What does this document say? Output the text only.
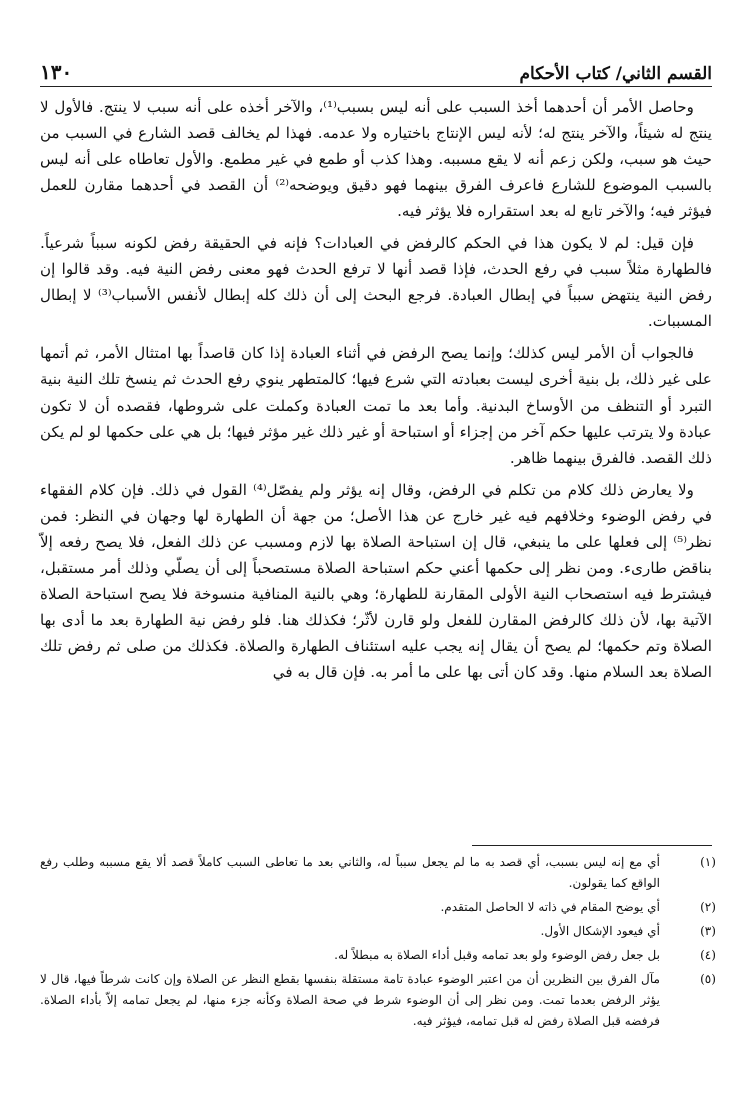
القسم الثاني/ كتاب الأحكام
١٣٠

وحاصل الأمر أن أحدهما أخذ السبب على أنه ليس بسبب⁽¹⁾، والآخر أخذه على أنه سبب لا ينتج. فالأول لا ينتج له شيئاً، والآخر ينتج له؛ لأنه ليس الإنتاج باختياره ولا عدمه. فهذا لم يخالف قصد الشارع في السبب من حيث هو سبب، ولكن زعم أنه لا يقع مسببه. وهذا كذب أو طمع في غير مطمع. والأول تعاطاه على أنه ليس بالسبب الموضوع للشارع فاعرف الفرق بينهما فهو دقيق ويوضحه⁽²⁾ أن القصد في أحدهما مقارن للعمل فيؤثر فيه؛ والآخر تابع له بعد استقراره فلا يؤثر فيه.

فإن قيل: لم لا يكون هذا في الحكم كالرفض في العبادات؟ فإنه في الحقيقة رفض لكونه سبباً شرعياً. فالطهارة مثلاً سبب في رفع الحدث، فإذا قصد أنها لا ترفع الحدث فهو معنى رفض النية فيه. وقد قالوا إن رفض النية ينتهض سبباً في إبطال العبادة. فرجع البحث إلى أن ذلك كله إبطال لأنفس الأسباب⁽³⁾ لا إبطال المسببات.

فالجواب أن الأمر ليس كذلك؛ وإنما يصح الرفض في أثناء العبادة إذا كان قاصداً بها امتثال الأمر، ثم أتمها على غير ذلك، بل بنية أخرى ليست بعبادته التي شرع فيها؛ كالمتطهر ينوي رفع الحدث ثم ينسخ تلك النية بنية التبرد أو التنظف من الأوساخ البدنية. وأما بعد ما تمت العبادة وكملت على شروطها، فقصده أن لا تكون عبادة ولا يترتب عليها حكم آخر من إجزاء أو استباحة أو غير ذلك غير مؤثر فيها؛ بل هي على حكمها لو لم يكن ذلك القصد. فالفرق بينهما ظاهر.

ولا يعارض ذلك كلام من تكلم في الرفض، وقال إنه يؤثر ولم يفصّل⁽⁴⁾ القول في ذلك. فإن كلام الفقهاء في رفض الوضوء وخلافهم فيه غير خارج عن هذا الأصل؛ من جهة أن الطهارة لها وجهان في النظر: فمن نظر⁽⁵⁾ إلى فعلها على ما ينبغي، قال إن استباحة الصلاة بها لازم ومسبب عن ذلك الفعل، فلا يصح رفعه إلاّ بناقض طارىء. ومن نظر إلى حكمها أعني حكم استباحة الصلاة مستصحباً إلى أن يصلّي وذلك أمر مستقبل، فيشترط فيه استصحاب النية الأولى المقارنة للطهارة؛ وهي بالنية المنافية منسوخة فلا يصح استباحة الصلاة الآتية بها، لأن ذلك كالرفض المقارن للفعل ولو قارن لأثّر؛ فكذلك هنا. فلو رفض نية الطهارة بعد ما أدى بها الصلاة وتم حكمها؛ لم يصح أن يقال إنه يجب عليه استئناف الطهارة والصلاة. فكذلك من صلى ثم رفض تلك الصلاة بعد السلام منها. وقد كان أتى بها على ما أمر به. فإن قال به في

(١)
أي مع إنه ليس بسبب، أي قصد به ما لم يجعل سبباً له، والثاني بعد ما تعاطى السبب كاملاً قصد ألا يقع مسببه وطلب رفع الواقع كما يقولون.
(٢)
أي يوضح المقام في ذاته لا الحاصل المتقدم.
(٣)
أي فيعود الإشكال الأول.
(٤)
بل جعل رفض الوضوء ولو بعد تمامه وقبل أداء الصلاة به مبطلاً له.
(٥)
مآل الفرق بين النظرين أن من اعتبر الوضوء عبادة تامة مستقلة بنفسها بقطع النظر عن الصلاة وإن كانت شرطاً فيها، قال لا يؤثر الرفض بعدما تمت. ومن نظر إلى أن الوضوء شرط في صحة الصلاة وكأنه جزء منها، لم يجعل تمامه إلاّ بأداء الصلاة. فرفضه قبل الصلاة رفض له قبل تمامه، فيؤثر فيه.
